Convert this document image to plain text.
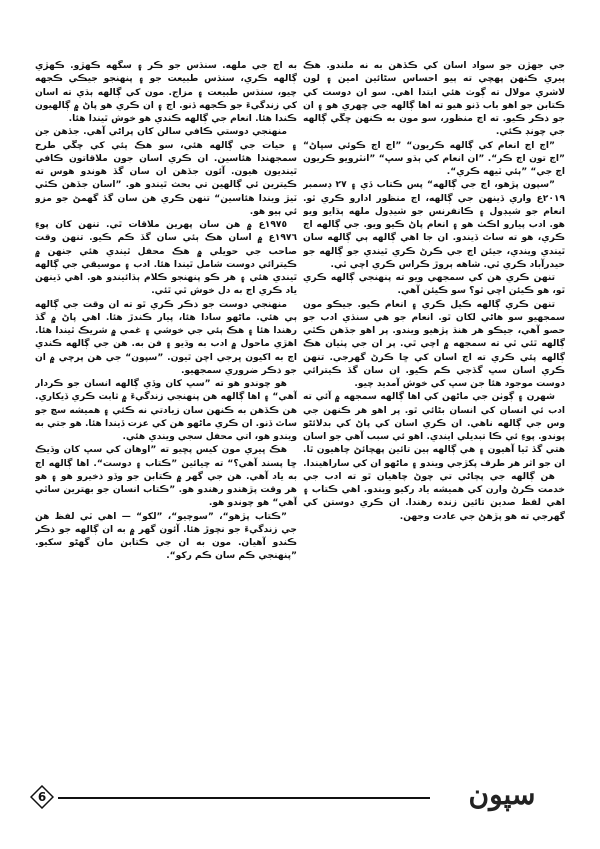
جي جهڙن جو سواد اسان کي ڪڏهن به نه ملندو. هڪ پيري ڪنهن پهچي ته ٻيو احساس سڻائين امين ۽ لون لاشري مولال ته ڳوٺ هئي ابتدا اهي. سو ان دوست کي ڪتابن جو اهو باب ڏنو هيو ته اها ڳالهه جي چهري هو ۽ ان جو ذڪر ڪيو. ته اڄ منظور، سو مون به ڪنهن چڱي ڳالهه جي چونڊ ڪئي.

”اڄ اڄ انعام کي ڳالهه ڪريون“ ”اڄ اڄ ڪوئي سڀاڻ“ ”اڄ تون اڄ ڪر“. ”ان انعام کي ٻڌو سڀ“ ”انٽرويو ڪريون اڄ جي“ ”ٻئي ٽيهه ڪري“.

”سپون پڙهو، اڄ جي ڳالهه“ پس ڪتاب ڏي ۽ ٢٧ ڊسمبر ٢٠١٩ع واري ڏينهن جي ڳالهه، اڄ منظور ادارو ڪري ٿو. انعام جو شيڊول ۽ ڪانفرنس جو شيڊول ملهه ٻڌايو ويو هو. ادب پيارو اڪٺ هو ۽ انعام پاڻ ڪيو ويو. جي ڳالهه اڄ ڪري، هو ته ساٿ ڏيندو. ان جا اهي ڳالهه ٻي ڳالهه سان ٿيندي ويندي، جيئن اڄ جي ڪرڻ ڪري ٿيندي جو ڳالهه جو حيدرآباد ڪري ٿي. شاهه ٻروڙ ڪراس ڪري اچي ٿي.

تنهن ڪري هن کي سمجهي ويو ته پنهنجي ڳالهه ڪري ٿو، هو ڪيئن اچي ٿو؟ سو ڪيئن آهي.

تنهن ڪري ڳالهه ڪيل ڪري ۽ انعام ڪيو. جيڪو مون سمجهيو سو هاڻي لکان ٿو. انعام جو هي سنڌي ادب جو حصو آهي، جيڪو هر هنڌ پڙهيو ويندو. پر اهو جڏهن ڪٿي ڳالهه ٿئي ٿي ته سمجهه ۾ اچي ٿي. پر ان جي پٺيان هڪ ڳالهه پئي ڪري ته اڄ اسان کي ڇا ڪرڻ گهرجي. تنهن ڪري اسان سڀ گڏجي ڪم ڪيو. ان سان گڏ ڪيترائي دوست موجود هئا جن سڀ کي خوش آمديد چيو.

شهرن ۽ ڳوٺن جي ماڻهن کي اها ڳالهه سمجهه ۾ آئي ته ادب ئي انسان کي انسان بڻائي ٿو. پر اهو هر ڪنهن جي وس جي ڳالهه ناهي. ان ڪري اسان کي پاڻ کي بدلائڻو پوندو. پوءِ ئي ڪا تبديلي ايندي. اهو ئي سبب آهي جو اسان هتي گڏ ٿيا آهيون ۽ هي ڳالهه ٻين تائين پهچائڻ چاهيون ٿا. ان جو اثر هر طرف پکڙجي ويندو ۽ ماڻهو ان کي ساراهيندا.

هن ڳالهه جي پڄاڻي تي چوڻ چاهيان ٿو ته ادب جي خدمت ڪرڻ وارن کي هميشه ياد رکيو ويندو. اهي ڪتاب ۽ اهي لفظ صدين تائين زنده رهندا. ان ڪري دوستن کي گهرجي ته هو پڙهڻ جي عادت وجهن.

به اڄ جي ملهه. سنڌس جو ڪر ۽ سگهه ڪهڙو. ڪهڙي ڳالهه ڪري، سنڌس طبيعت جو ۽ پنهنجو جيڪي ڪجهه چيو، سنڌس طبيعت ۽ مزاج. مون کي ڳالهه ٻڌي ته اسان کي زندگيءَ جو ڪجهه ڏنو. اڄ ۽ ان ڪري هو پاڻ ۾ ڳالهيون ڪندا هئا. انعام جي ڳالهه ڪندي هو خوش ٿيندا هئا.

منهنجي دوستي ڪافي سالن کان پراڻي آهي. جڏهن جن ۽ حيات جي ڳالهه هئي، سو هڪ ٻئي کي چڱي طرح سمجهندا هئاسين. ان ڪري اسان جون ملاقاتون ڪافي ٿينديون هيون. آئون جڏهن ان سان گڏ هوندو هوس ته ڪيترين ئي ڳالهين تي بحث ٿيندو هو. ”اسان جڏهن ڪٿي ٽيڙ ويندا هئاسين“ تنهن ڪري هن سان گڏ گهمڻ جو مزو ئي ٻيو هو.

١٩٧٥ع ۾ هن سان پهرين ملاقات ٿي. تنهن کان پوءِ ١٩٧٦ع ۾ اسان هڪ ٻئي سان گڏ ڪم ڪيو. تنهن وقت صاحب جي حويلي ۾ هڪ محفل ٿيندي هئي جنهن ۾ ڪيترائي دوست شامل ٿيندا هئا. ادب ۽ موسيقي جي ڳالهه ٿيندي هئي ۽ هر ڪو پنهنجو ڪلام ٻڌائيندو هو. اهي ڏينهن ياد ڪري اڄ به دل خوش ٿي ٿئي.

منهنجي دوست جو ذڪر ڪري ٿو ته ان وقت جي ڳالهه ٻي هئي. ماڻهو سادا هئا، پيار ڪندڙ هئا. اهي پاڻ ۾ گڏ رهندا هئا ۽ هڪ ٻئي جي خوشي ۽ غمي ۾ شريڪ ٿيندا هئا. اهڙي ماحول ۾ ادب به وڌيو ۽ فن به. هن جي ڳالهه ڪندي اڄ به اکيون ڀرجي اچن ٿيون. ”سپون“ جي هن پرچي ۾ ان جو ذڪر ضروري سمجهيو.

هو چوندو هو ته ”سڀ کان وڏي ڳالهه انسان جو ڪردار آهي“ ۽ اها ڳالهه هن پنهنجي زندگيءَ ۾ ثابت ڪري ڏيکاري. هن ڪڏهن به ڪنهن سان زيادتي نه ڪئي ۽ هميشه سچ جو ساٿ ڏنو. ان ڪري ماڻهو هن کي عزت ڏيندا هئا. هو جتي به ويندو هو، اتي محفل سجي ويندي هئي.

هڪ ڀيري مون کيس پڇيو ته ”اوهان کي سڀ کان وڌيڪ ڇا پسند آهي؟“ ته چيائين ”ڪتاب ۽ دوست“. اها ڳالهه اڄ به ياد آهي. هن جي گهر ۾ ڪتابن جو وڏو ذخيرو هو ۽ هو هر وقت پڙهندو رهندو هو. ”ڪتاب انسان جو بهترين ساٿي آهي“ هو چوندو هو.

”ڪتاب پڙهو“، ”سوچيو“، ”لکو“ — اهي ٽي لفظ هن جي زندگيءَ جو نچوڙ هئا. آئون گهر ۾ به ان ڳالهه جو ذڪر ڪندو آهيان. مون به ان جي ڪتابن مان گهڻو سکيو. ”پنهنجي ڪم سان ڪم رکو“.

سپون
6
